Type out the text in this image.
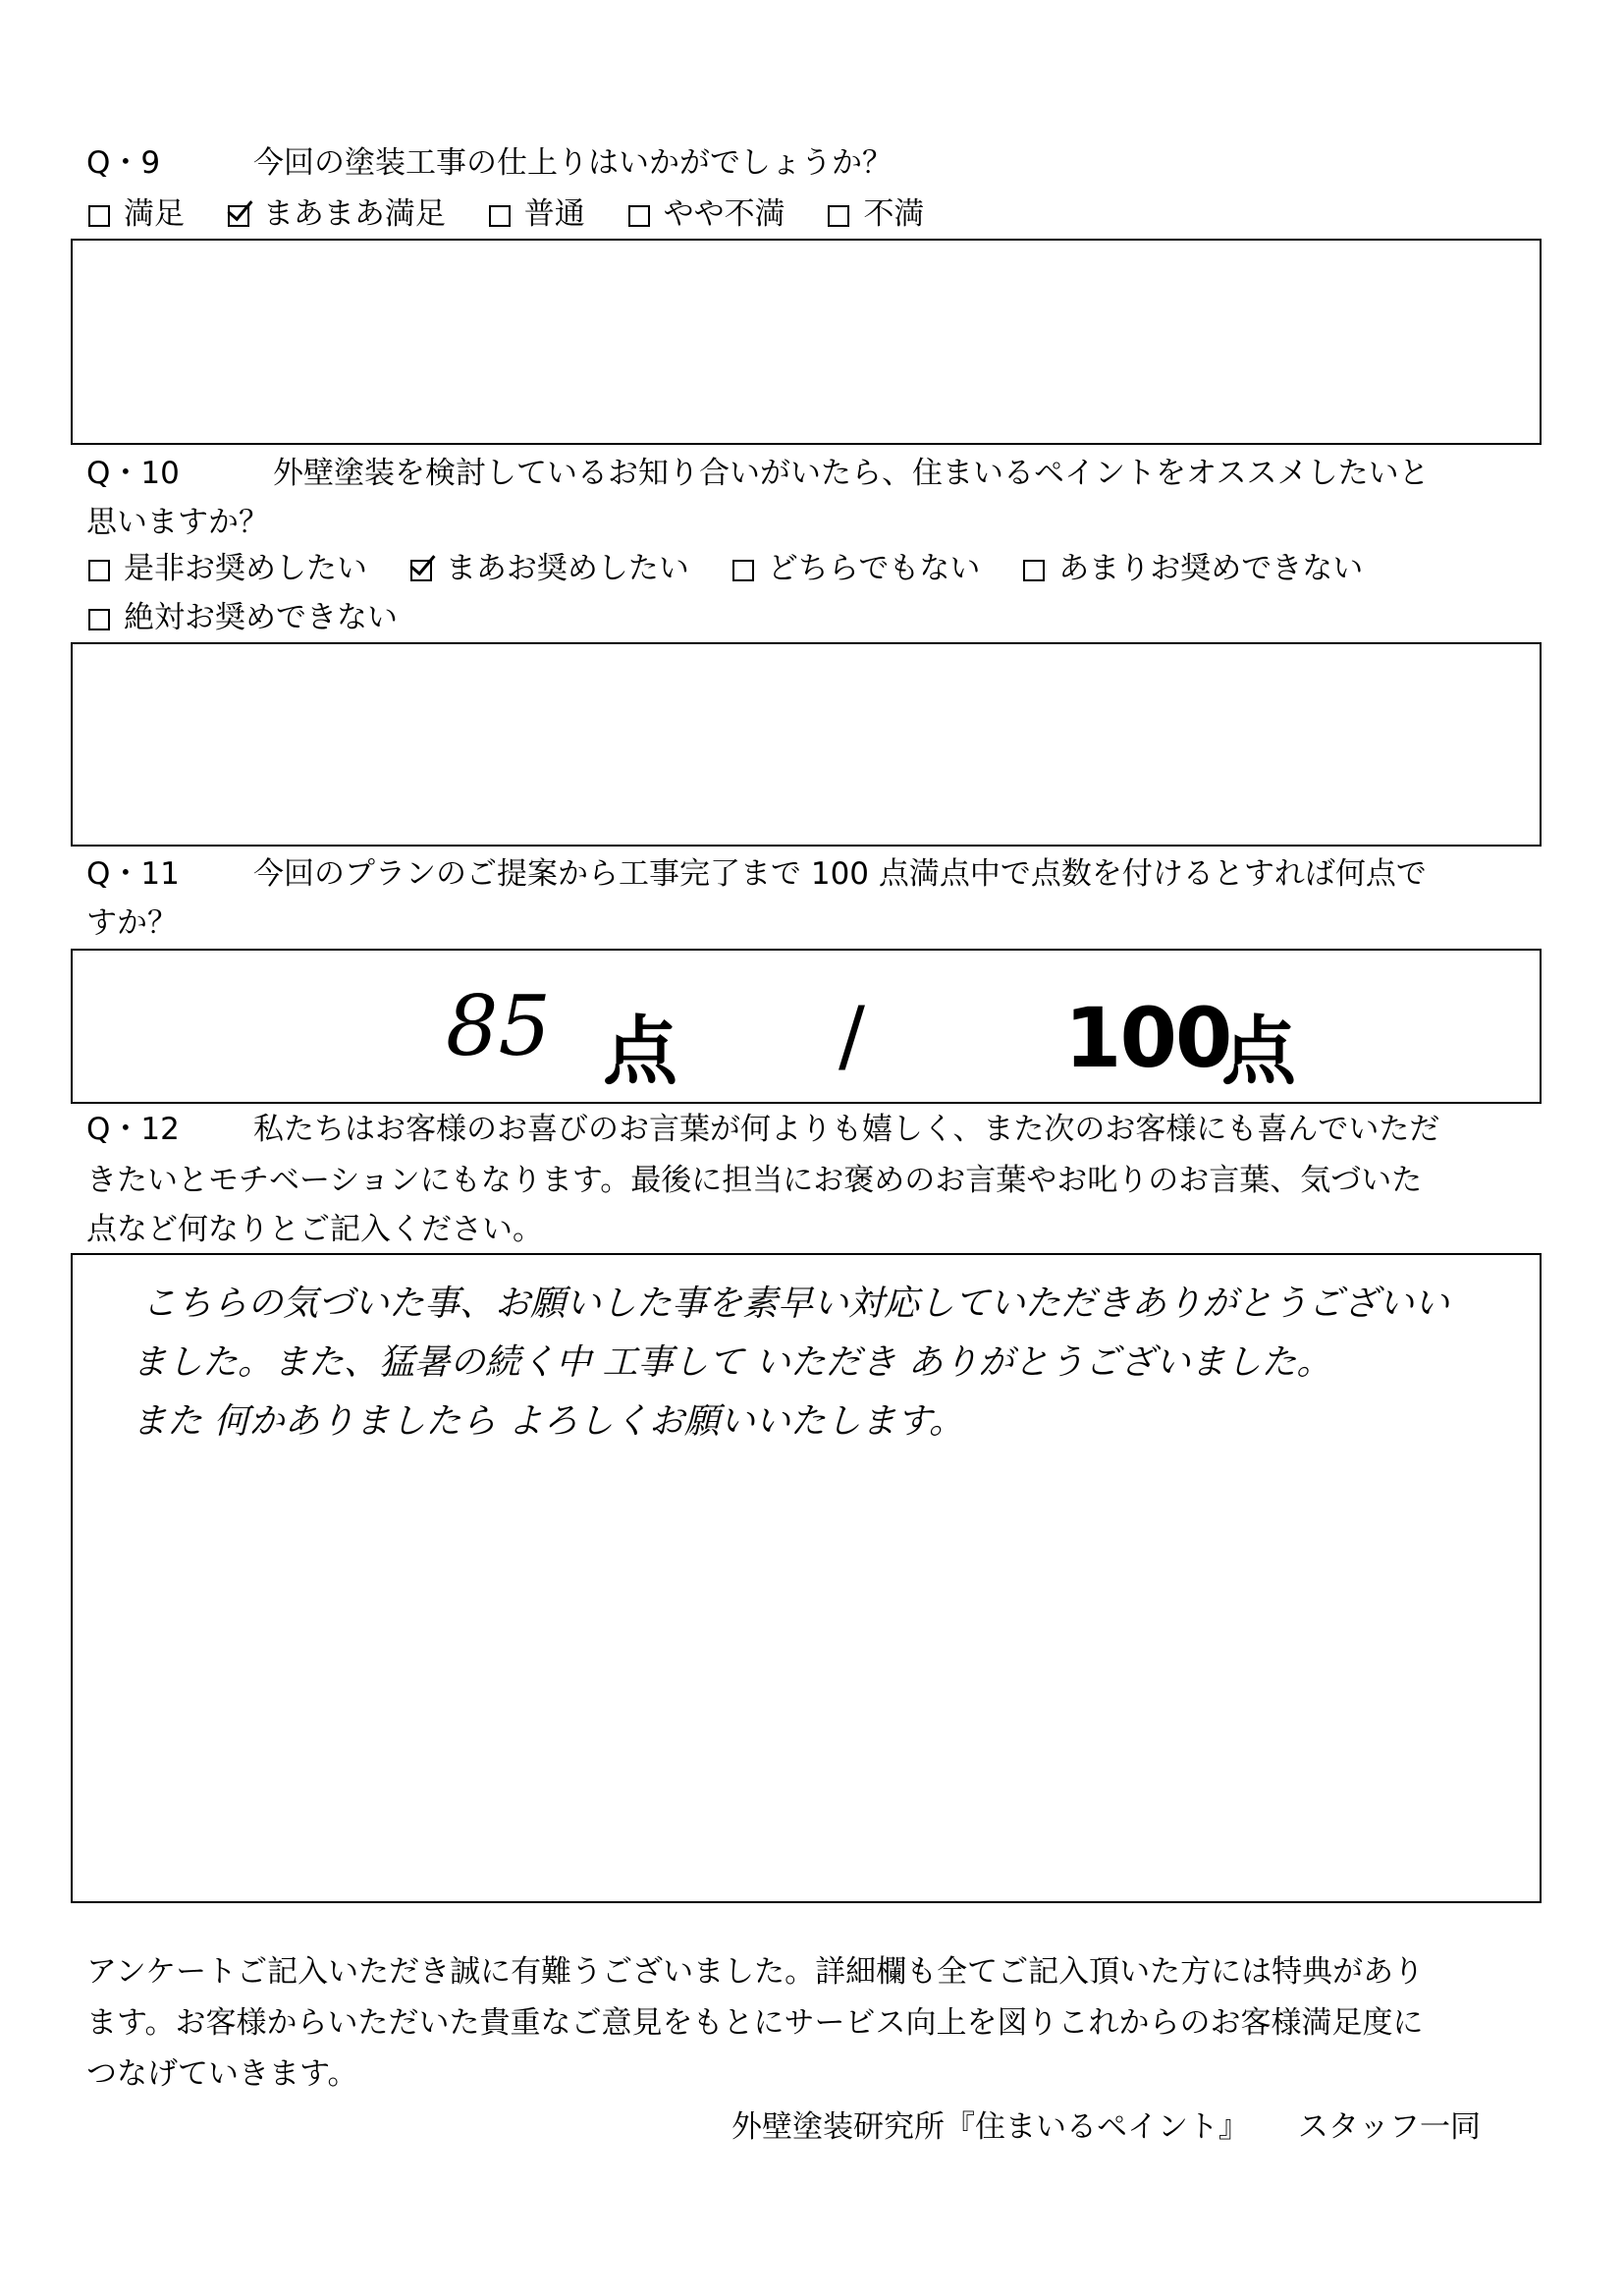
Q・9	今回の塗装工事の仕上りはいかがでしょうか？
満足	まあまあ満足	普通	やや不満	不満
Q・10	外壁塗装を検討しているお知り合いがいたら、住まいるペイントをオススメしたいと
思いますか？
是非お奨めしたい	まあお奨めしたい	どちらでもない	あまりお奨めできない
絶対お奨めできない
Q・11 今回のプランのご提案から工事完了まで 100 点満点中で点数を付けるとすれば何点で
すか？
85 点 / 100
点
Q・12 私たちはお客様のお喜びのお言葉が何よりも嬉しく、また次のお客様にも喜んでいただ
きたいとモチベーションにもなります。最後に担当にお褒めのお言葉やお叱りのお言葉、気づいた
点など何なりとご記入ください。
こちらの気づいた事、お願いした事を素早い対応していただきありがとうございい
ました。また、猛暑の続く中 工事して いただき ありがとうございました。
また 何かありましたら よろしくお願いいたします。
アンケートご記入いただき誠に有難うございました。詳細欄も全てご記入頂いた方には特典があり
ます。お客様からいただいた貴重なご意見をもとにサービス向上を図りこれからのお客様満足度に
つなげていきます。
外壁塗装研究所『住まいるペイント』 スタッフ一同
